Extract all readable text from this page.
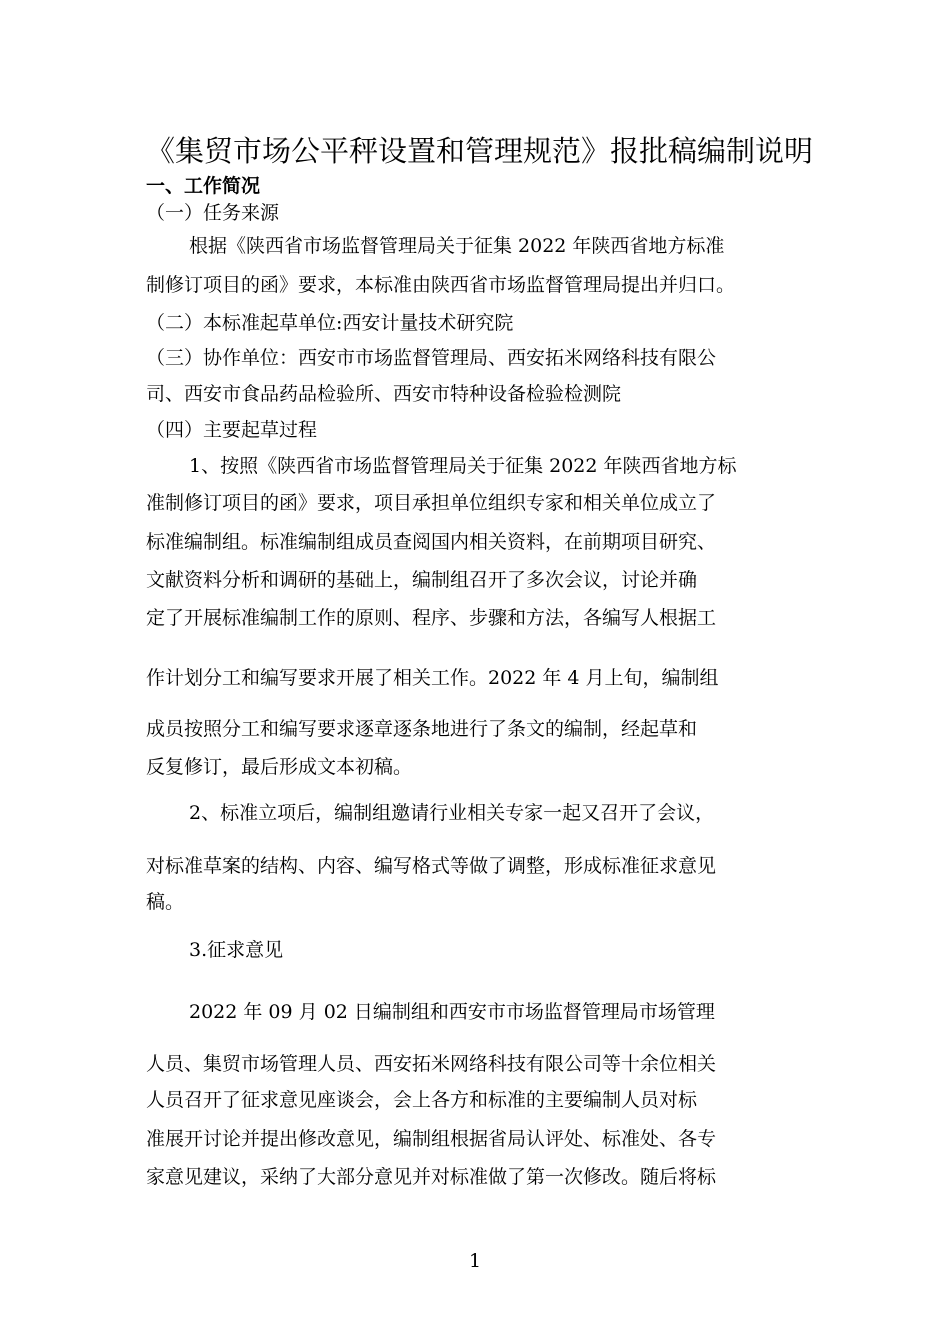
《集贸市场公平秤设置和管理规范》报批稿编制说明
一、工作简况

（一）任务来源

根据《陕西省市场监督管理局关于征集 2022 年陕西省地方标准

制修订项目的函》要求，本标准由陕西省市场监督管理局提出并归口。

（二）本标准起草单位:西安计量技术研究院

（三）协作单位：西安市市场监督管理局、西安拓米网络科技有限公

司、西安市食品药品检验所、西安市特种设备检验检测院

（四）主要起草过程

1、按照《陕西省市场监督管理局关于征集 2022 年陕西省地方标

准制修订项目的函》要求，项目承担单位组织专家和相关单位成立了

标准编制组。标准编制组成员查阅国内相关资料，在前期项目研究、

文献资料分析和调研的基础上，编制组召开了多次会议，讨论并确

定了开展标准编制工作的原则、程序、步骤和方法，各编写人根据工

作计划分工和编写要求开展了相关工作。2022 年 4 月上旬，编制组

成员按照分工和编写要求逐章逐条地进行了条文的编制，经起草和

反复修订，最后形成文本初稿。

2、标准立项后，编制组邀请行业相关专家一起又召开了会议，

对标准草案的结构、内容、编写格式等做了调整，形成标准征求意见

稿。

3.征求意见

2022 年 09 月 02 日编制组和西安市市场监督管理局市场管理

人员、集贸市场管理人员、西安拓米网络科技有限公司等十余位相关

人员召开了征求意见座谈会，会上各方和标准的主要编制人员对标

准展开讨论并提出修改意见，编制组根据省局认评处、标准处、各专

家意见建议，采纳了大部分意见并对标准做了第一次修改。随后将标

1
